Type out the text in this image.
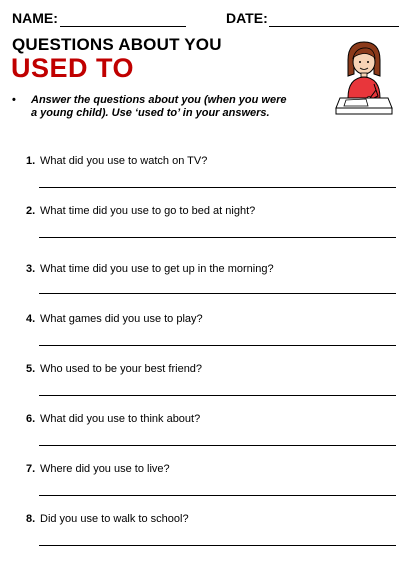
NAME:	DATE:
QUESTIONS ABOUT YOU
USED TO
• Answer the questions about you (when you were
a young child). Use ‘used to’ in your answers.
1. What did you use to watch on TV?
2. What time did you use to go to bed at night?
3. What time did you use to get up in the morning?
4. What games did you use to play?
5. Who used to be your best friend?
6. What did you use to think about?
7. Where did you use to live?
8. Did you use to walk to school?
